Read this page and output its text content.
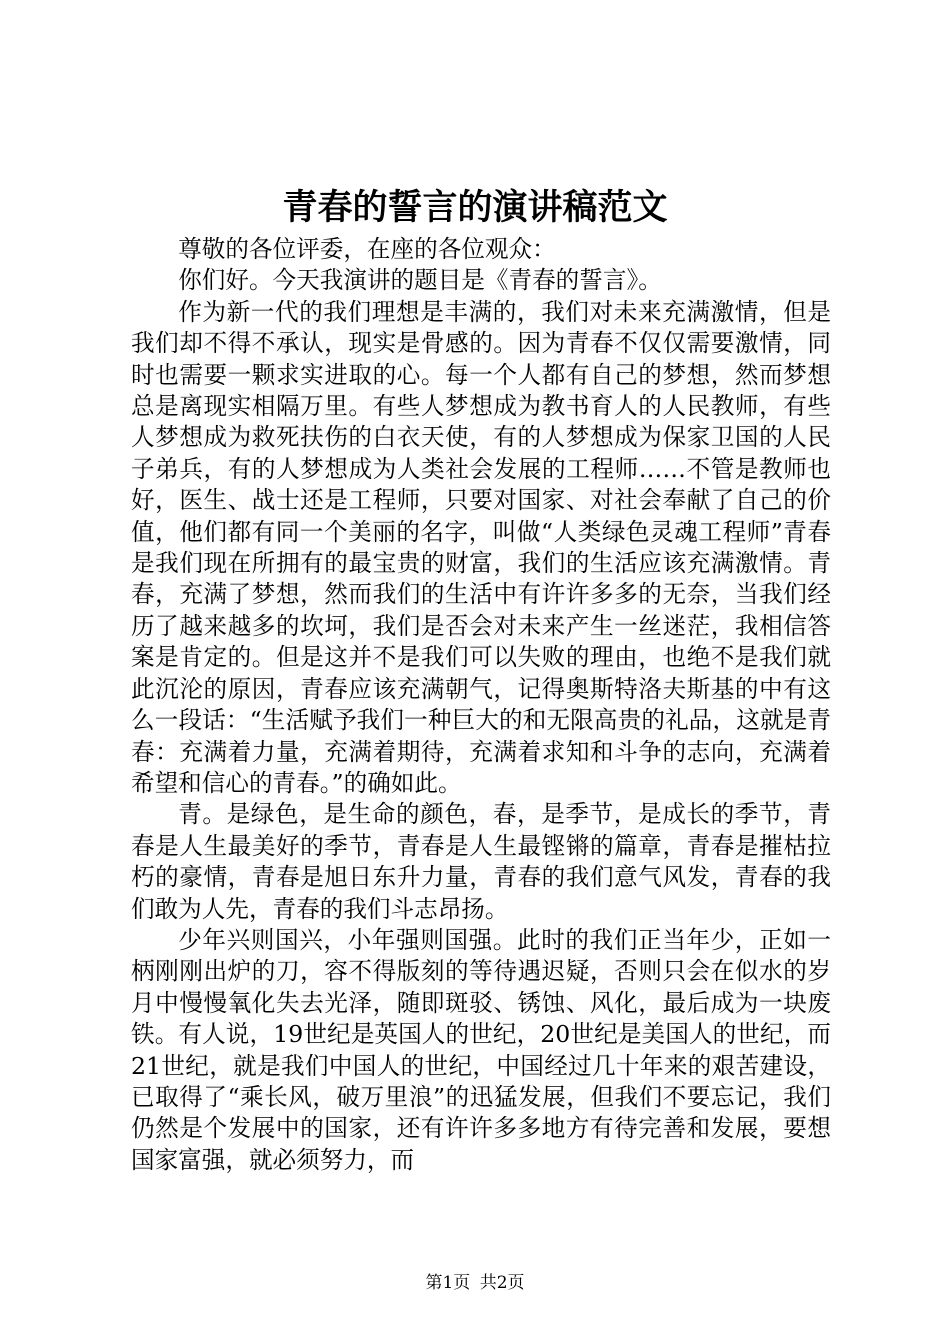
青春的誓言的演讲稿范文

尊敬的各位评委，在座的各位观众：

你们好。今天我演讲的题目是《青春的誓言》。

作为新一代的我们理想是丰满的，我们对未来充满激情，但是我们却不得不承认，现实是骨感的。因为青春不仅仅需要激情，同时也需要一颗求实进取的心。每一个人都有自己的梦想，然而梦想总是离现实相隔万里。有些人梦想成为教书育人的人民教师，有些人梦想成为救死扶伤的白衣天使，有的人梦想成为保家卫国的人民子弟兵，有的人梦想成为人类社会发展的工程师……不管是教师也好，医生、战士还是工程师，只要对国家、对社会奉献了自己的价值，他们都有同一个美丽的名字，叫做“人类绿色灵魂工程师”青春是我们现在所拥有的最宝贵的财富，我们的生活应该充满激情。青春，充满了梦想，然而我们的生活中有许许多多的无奈，当我们经历了越来越多的坎坷，我们是否会对未来产生一丝迷茫，我相信答案是肯定的。但是这并不是我们可以失败的理由，也绝不是我们就此沉沦的原因，青春应该充满朝气，记得奥斯特洛夫斯基的中有这么一段话：“生活赋予我们一种巨大的和无限高贵的礼品，这就是青春：充满着力量，充满着期待，充满着求知和斗争的志向，充满着希望和信心的青春。”的确如此。

青。是绿色，是生命的颜色，春，是季节，是成长的季节，青春是人生最美好的季节，青春是人生最铿锵的篇章，青春是摧枯拉朽的豪情，青春是旭日东升力量，青春的我们意气风发，青春的我们敢为人先，青春的我们斗志昂扬。

少年兴则国兴，小年强则国强。此时的我们正当年少，正如一柄刚刚出炉的刀，容不得版刻的等待遇迟疑，否则只会在似水的岁月中慢慢氧化失去光泽，随即斑驳、锈蚀、风化，最后成为一块废铁。有人说，19世纪是英国人的世纪，20世纪是美国人的世纪，而21世纪，就是我们中国人的世纪，中国经过几十年来的艰苦建设，已取得了“乘长风，破万里浪”的迅猛发展，但我们不要忘记，我们仍然是个发展中的国家，还有许许多多地方有待完善和发展，要想国家富强，就必须努力，而

第1页 共2页
